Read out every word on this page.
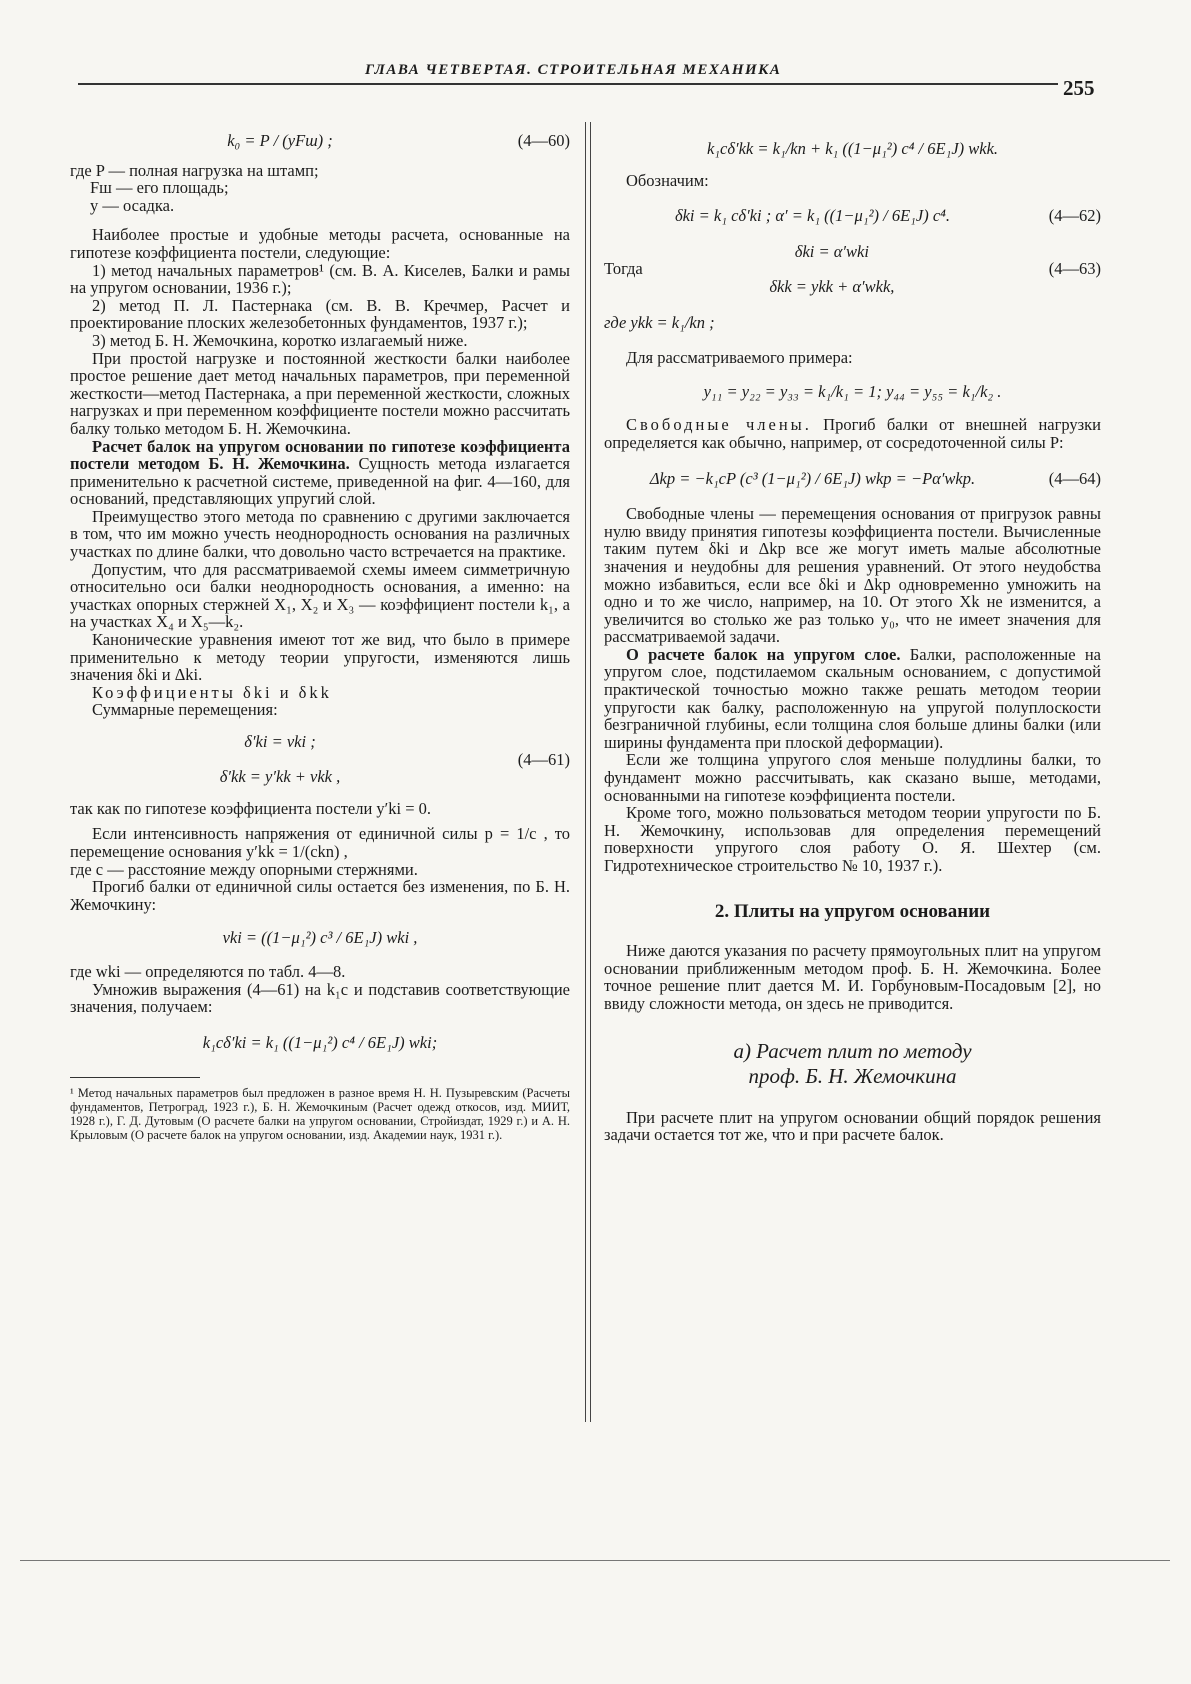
ГЛАВА ЧЕТВЕРТАЯ. СТРОИТЕЛЬНАЯ МЕХАНИКА
255
k₀ = P / (yFш) ;	(4—60)

где P — полная нагрузка на штамп;

Fш — его площадь;

y — осадка.

Наиболее простые и удобные методы расчета, основанные на гипотезе коэффициента постели, следующие:

1) метод начальных параметров¹ (см. В. А. Киселев, Балки и рамы на упругом основании, 1936 г.);

2) метод П. Л. Пастернака (см. В. В. Кречмер, Расчет и проектирование плоских железобетонных фундаментов, 1937 г.);

3) метод Б. Н. Жемочкина, коротко излагаемый ниже.

При простой нагрузке и постоянной жесткости балки наиболее простое решение дает метод начальных параметров, при переменной жесткости—метод Пастернака, а при переменной жесткости, сложных нагрузках и при переменном коэффициенте постели можно рассчитать балку только методом Б. Н. Жемочкина.

Расчет балок на упругом основании по гипотезе коэффициента постели методом Б. Н. Жемочкина. Сущность метода излагается применительно к расчетной системе, приведенной на фиг. 4—160, для оснований, представляющих упругий слой.

Преимущество этого метода по сравнению с другими заключается в том, что им можно учесть неоднородность основания на различных участках по длине балки, что довольно часто встречается на практике.

Допустим, что для рассматриваемой схемы имеем симметричную относительно оси балки неоднородность основания, а именно: на участках опорных стержней X₁, X₂ и X₃ — коэффициент постели k₁, а на участках X₄ и X₅—k₂.

Канонические уравнения имеют тот же вид, что было в примере применительно к методу теории упругости, изменяются лишь значения δki и Δki.

Коэффициенты δki и δkk

Суммарные перемещения:

δ′ki = vki ;

δ′kk = y′kk + vkk ,
(4—61)

так как по гипотезе коэффициента постели y′ki = 0.

Если интенсивность напряжения от единичной силы p = 1/c , то перемещение основания y′kk = 1/(ckn) ,

где c — расстояние между опорными стержнями.

Прогиб балки от единичной силы остается без изменения, по Б. Н. Жемочкину:

vki = ((1−μ₁²) c³ / 6E₁J) wki ,

где wki — определяются по табл. 4—8.

Умножив выражения (4—61) на k₁c и подставив соответствующие значения, получаем:

k₁cδ′ki = k₁ ((1−μ₁²) c⁴ / 6E₁J) wki;
¹ Метод начальных параметров был предложен в разное время Н. Н. Пузыревским (Расчеты фундаментов, Петроград, 1923 г.), Б. Н. Жемочкиным (Расчет одежд откосов, изд. МИИТ, 1928 г.), Г. Д. Дутовым (О расчете балки на упругом основании, Стройиздат, 1929 г.) и А. Н. Крыловым (О расчете балок на упругом основании, изд. Академии наук, 1931 г.).
k₁cδ′kk = k₁/kn + k₁ ((1−μ₁²) c⁴ / 6E₁J) wkk.

Обозначим:

δki = k₁ cδ′ki ; α′ = k₁ ((1−μ₁²) / 6E₁J) c⁴.	(4—62)
Тогда
δki = α′wki

δkk = ykk + α′wkk,
(4—63)
где ykk = k₁/kn ;

Для рассматриваемого примера:

y₁₁ = y₂₂ = y₃₃ = k₁/k₁ = 1; y₄₄ = y₅₅ = k₁/k₂ .

Свободные члены. Прогиб балки от внешней нагрузки определяется как обычно, например, от сосредоточенной силы P:

Δkp = −k₁cP (c³ (1−μ₁²) / 6E₁J) wkp = −Pα′wkp.	(4—64)

Свободные члены — перемещения основания от пригрузок равны нулю ввиду принятия гипотезы коэффициента постели. Вычисленные таким путем δki и Δkp все же могут иметь малые абсолютные значения и неудобны для решения уравнений. От этого неудобства можно избавиться, если все δki и Δkp одновременно умножить на одно и то же число, например, на 10. От этого Xk не изменится, а увеличится во столько же раз только y₀, что не имеет значения для рассматриваемой задачи.

О расчете балок на упругом слое. Балки, расположенные на упругом слое, подстилаемом скальным основанием, с допустимой практической точностью можно также решать методом теории упругости как балку, расположенную на упругой полуплоскости безграничной глубины, если толщина слоя больше длины балки (или ширины фундамента при плоской деформации).

Если же толщина упругого слоя меньше полудлины балки, то фундамент можно рассчитывать, как сказано выше, методами, основанными на гипотезе коэффициента постели.

Кроме того, можно пользоваться методом теории упругости по Б. Н. Жемочкину, использовав для определения перемещений поверхности упругого слоя работу О. Я. Шехтер (см. Гидротехническое строительство № 10, 1937 г.).

2. Плиты на упругом основании

Ниже даются указания по расчету прямоугольных плит на упругом основании приближенным методом проф. Б. Н. Жемочкина. Более точное решение плит дается М. И. Горбуновым-Посадовым [2], но ввиду сложности метода, он здесь не приводится.

а) Расчет плит по методу
проф. Б. Н. Жемочкина

При расчете плит на упругом основании общий порядок решения задачи остается тот же, что и при расчете балок.
